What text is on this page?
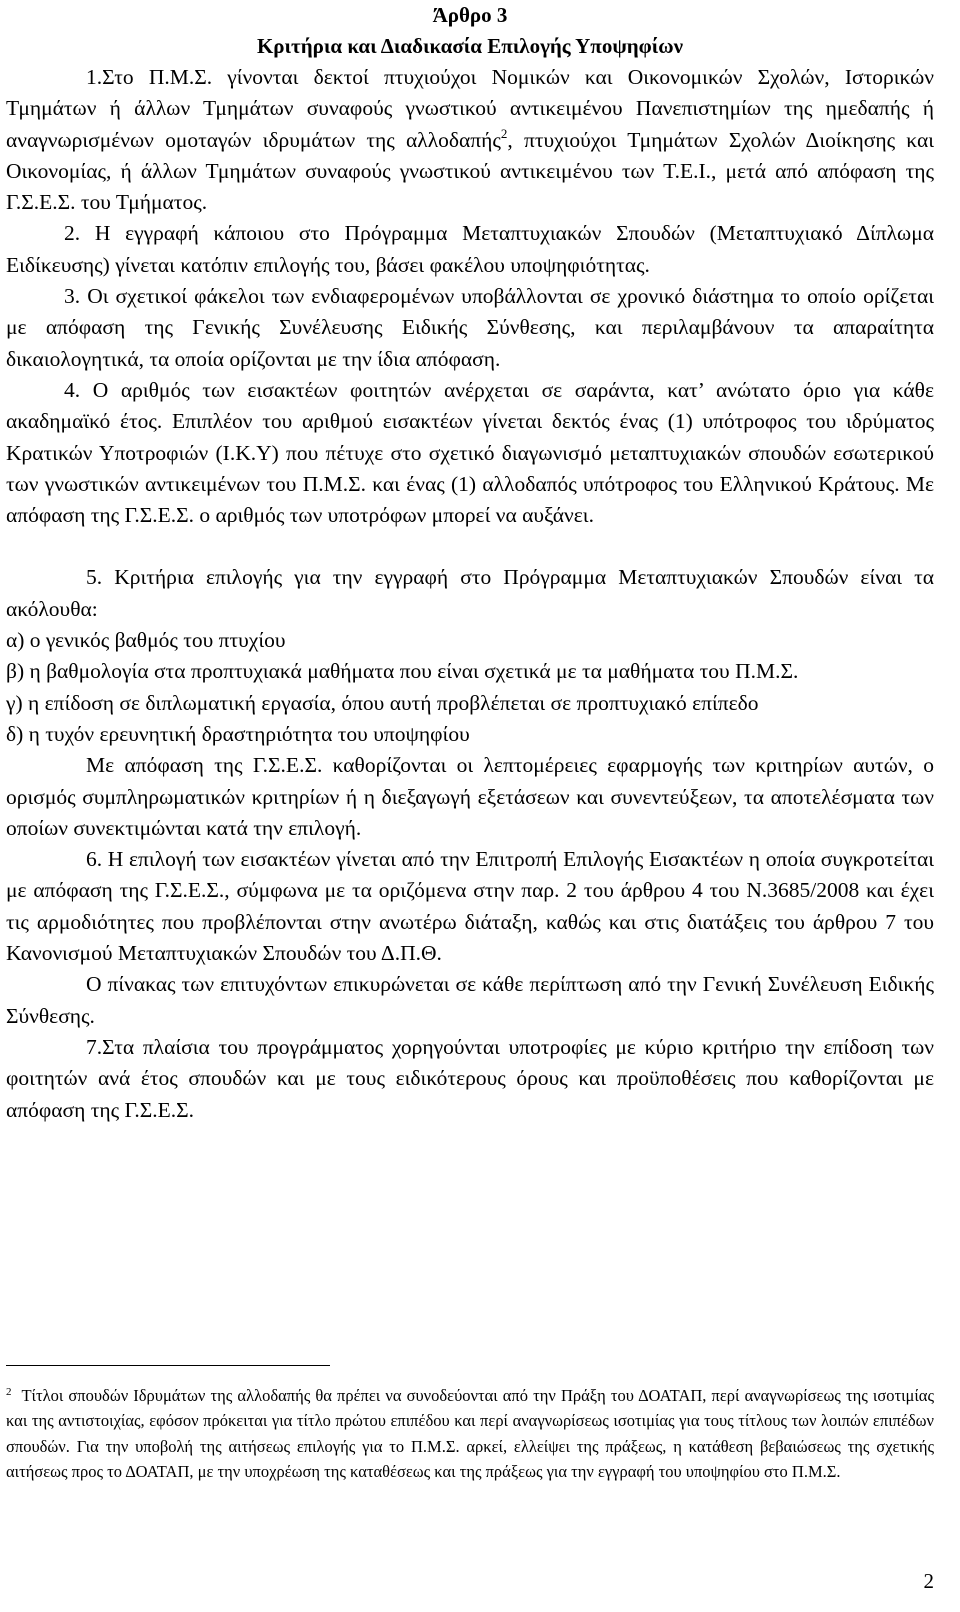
Άρθρο 3

Κριτήρια και Διαδικασία Επιλογής Υποψηφίων

1.Στο Π.Μ.Σ. γίνονται δεκτοί πτυχιούχοι Νομικών και Οικονομικών Σχολών, Ιστορικών Τμημάτων ή άλλων Τμημάτων συναφούς γνωστικού αντικειμένου Πανεπιστημίων της ημεδαπής ή αναγνωρισμένων ομοταγών ιδρυμάτων της αλλοδαπής$^2$, πτυχιούχοι Τμημάτων Σχολών Διοίκησης και Οικονομίας, ή άλλων Τμημάτων συναφούς γνωστικού αντικειμένου των Τ.Ε.Ι., μετά από απόφαση της Γ.Σ.Ε.Σ. του Τμήματος.

2. Η εγγραφή κάποιου στο Πρόγραμμα Μεταπτυχιακών Σπουδών (Μεταπτυχιακό Δίπλωμα Ειδίκευσης) γίνεται κατόπιν επιλογής του, βάσει φακέλου υποψηφιότητας.

3. Οι σχετικοί φάκελοι των ενδιαφερομένων υποβάλλονται σε χρονικό διάστημα το οποίο ορίζεται με απόφαση της Γενικής Συνέλευσης Ειδικής Σύνθεσης, και περιλαμβάνουν τα απαραίτητα δικαιολογητικά, τα οποία ορίζονται με την ίδια απόφαση.

4. Ο αριθμός των εισακτέων φοιτητών ανέρχεται σε σαράντα, κατ’ ανώτατο όριο για κάθε ακαδημαϊκό έτος. Επιπλέον του αριθμού εισακτέων γίνεται δεκτός ένας (1) υπότροφος του ιδρύματος Κρατικών Υποτροφιών (Ι.Κ.Υ) που πέτυχε στο σχετικό διαγωνισμό μεταπτυχιακών σπουδών εσωτερικού των γνωστικών αντικειμένων του Π.Μ.Σ. και ένας (1) αλλοδαπός υπότροφος του Ελληνικού Κράτους. Με απόφαση της Γ.Σ.Ε.Σ. ο αριθμός των υποτρόφων μπορεί να αυξάνει.

5. Κριτήρια επιλογής για την εγγραφή στο Πρόγραμμα Μεταπτυχιακών Σπουδών είναι τα ακόλουθα:

α) ο γενικός βαθμός του πτυχίου

β) η βαθμολογία στα προπτυχιακά μαθήματα που είναι σχετικά με τα μαθήματα του Π.Μ.Σ.

γ) η επίδοση σε διπλωματική εργασία, όπου αυτή προβλέπεται σε προπτυχιακό επίπεδο

δ) η τυχόν ερευνητική δραστηριότητα του υποψηφίου

Με απόφαση της Γ.Σ.Ε.Σ. καθορίζονται οι λεπτομέρειες εφαρμογής των κριτηρίων αυτών, ο ορισμός συμπληρωματικών κριτηρίων ή η διεξαγωγή εξετάσεων και συνεντεύξεων, τα αποτελέσματα των οποίων συνεκτιμώνται κατά την επιλογή.

6. Η επιλογή των εισακτέων γίνεται από την Επιτροπή Επιλογής Εισακτέων η οποία συγκροτείται με απόφαση της Γ.Σ.Ε.Σ., σύμφωνα με τα οριζόμενα στην παρ. 2 του άρθρου 4 του Ν.3685/2008 και έχει τις αρμοδιότητες που προβλέπονται στην ανωτέρω διάταξη, καθώς και στις διατάξεις του άρθρου 7 του Κανονισμού Μεταπτυχιακών Σπουδών του Δ.Π.Θ.

Ο πίνακας των επιτυχόντων επικυρώνεται σε κάθε περίπτωση από την Γενική Συνέλευση Ειδικής Σύνθεσης.

7.Στα πλαίσια του προγράμματος χορηγούνται υποτροφίες με κύριο κριτήριο την επίδοση των φοιτητών ανά έτος σπουδών και με τους ειδικότερους όρους και προϋποθέσεις που καθορίζονται με απόφαση της Γ.Σ.Ε.Σ.

$^2$ Τίτλοι σπουδών Ιδρυμάτων της αλλοδαπής θα πρέπει να συνοδεύονται από την Πράξη του ΔΟΑΤΑΠ, περί αναγνωρίσεως της ισοτιμίας και της αντιστοιχίας, εφόσον πρόκειται για τίτλο πρώτου επιπέδου και περί αναγνωρίσεως ισοτιμίας για τους τίτλους των λοιπών επιπέδων σπουδών. Για την υποβολή της αιτήσεως επιλογής για το Π.Μ.Σ. αρκεί, ελλείψει της πράξεως, η κατάθεση βεβαιώσεως της σχετικής αιτήσεως προς το ΔΟΑΤΑΠ, με την υποχρέωση της καταθέσεως και της πράξεως για την εγγραφή του υποψηφίου στο Π.Μ.Σ.

2
